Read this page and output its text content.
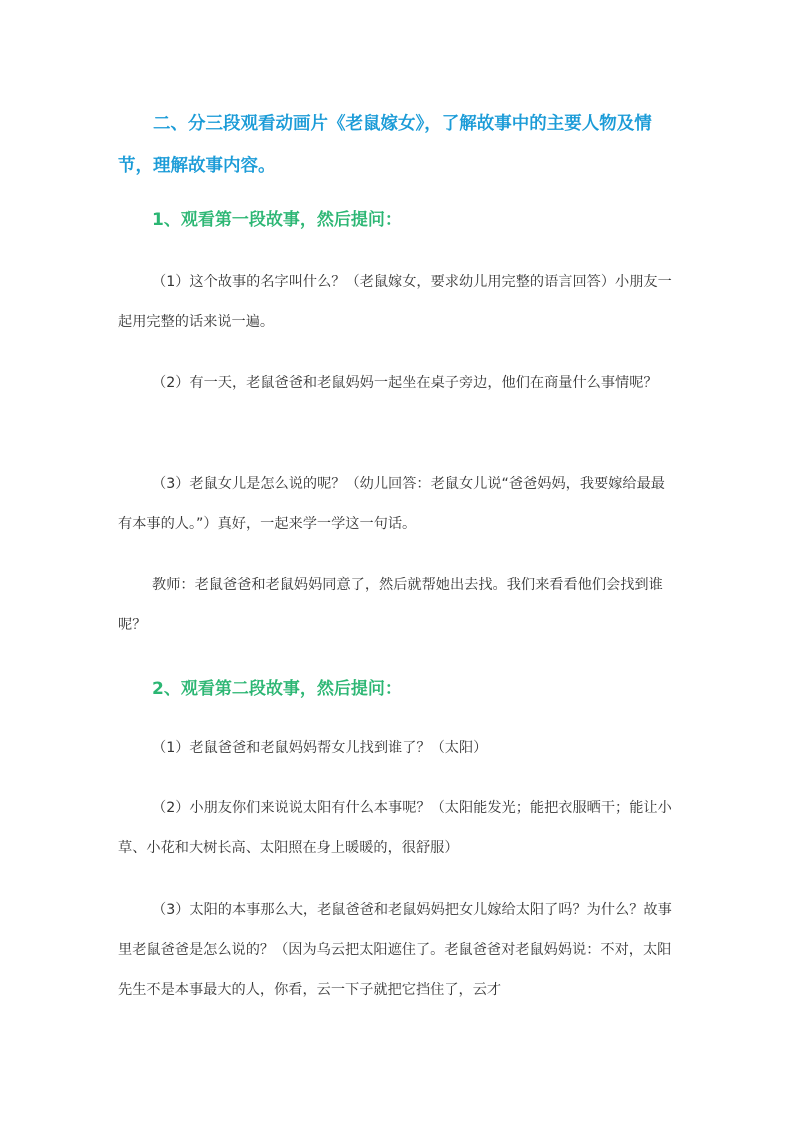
二、分三段观看动画片《老鼠嫁女》，了解故事中的主要人物及情节，理解故事内容。

1、观看第一段故事，然后提问：

（1）这个故事的名字叫什么？（老鼠嫁女，要求幼儿用完整的语言回答）小朋友一起用完整的话来说一遍。

（2）有一天，老鼠爸爸和老鼠妈妈一起坐在桌子旁边，他们在商量什么事情呢？

（3）老鼠女儿是怎么说的呢？（幼儿回答：老鼠女儿说“爸爸妈妈，我要嫁给最最有本事的人。”）真好，一起来学一学这一句话。

教师：老鼠爸爸和老鼠妈妈同意了，然后就帮她出去找。我们来看看他们会找到谁呢？

2、观看第二段故事，然后提问：

（1）老鼠爸爸和老鼠妈妈帮女儿找到谁了？（太阳）

（2）小朋友你们来说说太阳有什么本事呢？（太阳能发光；能把衣服晒干；能让小草、小花和大树长高、太阳照在身上暖暖的，很舒服）

（3）太阳的本事那么大，老鼠爸爸和老鼠妈妈把女儿嫁给太阳了吗？为什么？故事里老鼠爸爸是怎么说的？（因为乌云把太阳遮住了。老鼠爸爸对老鼠妈妈说：不对，太阳先生不是本事最大的人，你看，云一下子就把它挡住了，云才
